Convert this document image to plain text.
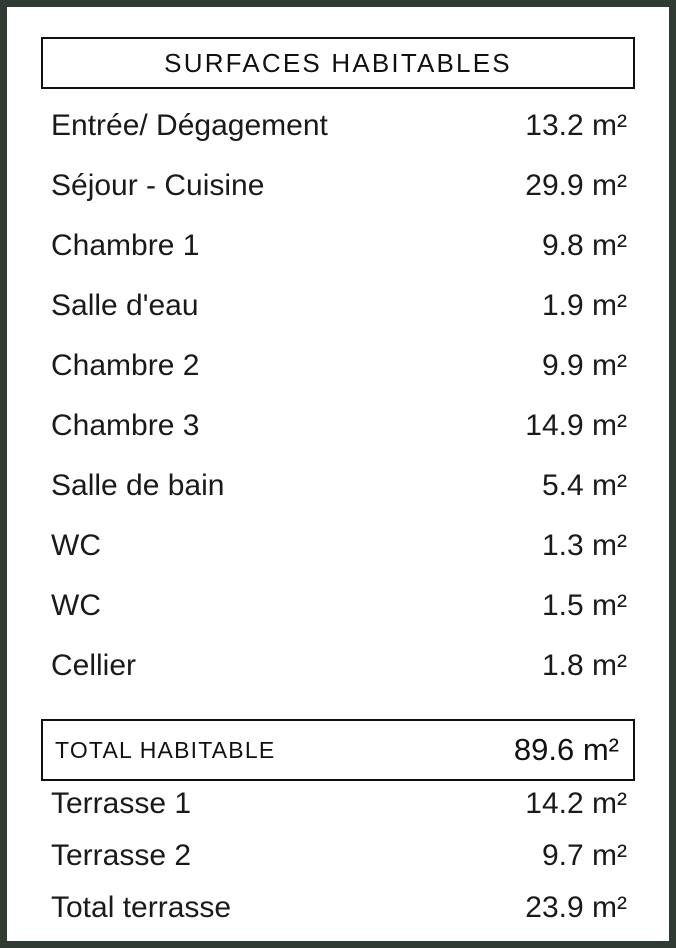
SURFACES HABITABLES
Entrée/ Dégagement	13.2 m²
Séjour - Cuisine	29.9 m²
Chambre 1	9.8 m²
Salle d'eau	1.9 m²
Chambre 2	9.9 m²
Chambre 3	14.9 m²
Salle de bain	5.4 m²
WC	1.3 m²
WC	1.5 m²
Cellier	1.8 m²
TOTAL HABITABLE	89.6 m²
Terrasse 1	14.2 m²
Terrasse 2	9.7 m²
Total terrasse	23.9 m²
